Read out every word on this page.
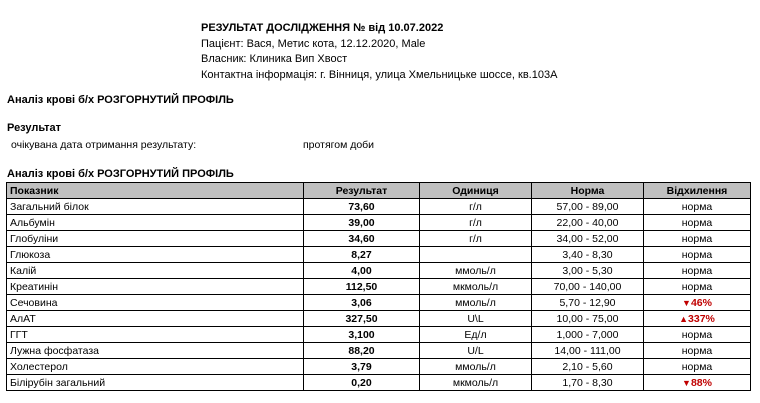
РЕЗУЛЬТАТ ДОСЛІДЖЕННЯ № від 10.07.2022
Пацієнт: Вася, Метис кота, 12.12.2020, Male
Власник: Клиника Вип Хвост
Контактна інформація: г. Вінниця, улица Хмельницьке шоссе, кв.103А
Аналіз крові б/х РОЗГОРНУТИЙ ПРОФІЛЬ
Результат
очікувана дата отримання результату:	протягом доби
Аналіз крові б/х РОЗГОРНУТИЙ ПРОФІЛЬ
Показник	Результат	Одиниця	Норма	Відхилення
Загальний білок	73,60	г/л	57,00 - 89,00	норма
Альбумін	39,00	г/л	22,00 - 40,00	норма
Глобуліни	34,60	г/л	34,00 - 52,00	норма
Глюкоза	8,27		3,40 - 8,30	норма
Калій	4,00	ммоль/л	3,00 - 5,30	норма
Креатинін	112,50	мкмоль/л	70,00 - 140,00	норма
Сечовина	3,06	ммоль/л	5,70 - 12,90	▼46%
АлАТ	327,50	U\L	10,00 - 75,00	▲337%
ГГТ	3,100	Ед/л	1,000 - 7,000	норма
Лужна фосфатаза	88,20	U/L	14,00 - 111,00	норма
Холестерол	3,79	ммоль/л	2,10 - 5,60	норма
Білірубін загальний	0,20	мкмоль/л	1,70 - 8,30	▼88%
